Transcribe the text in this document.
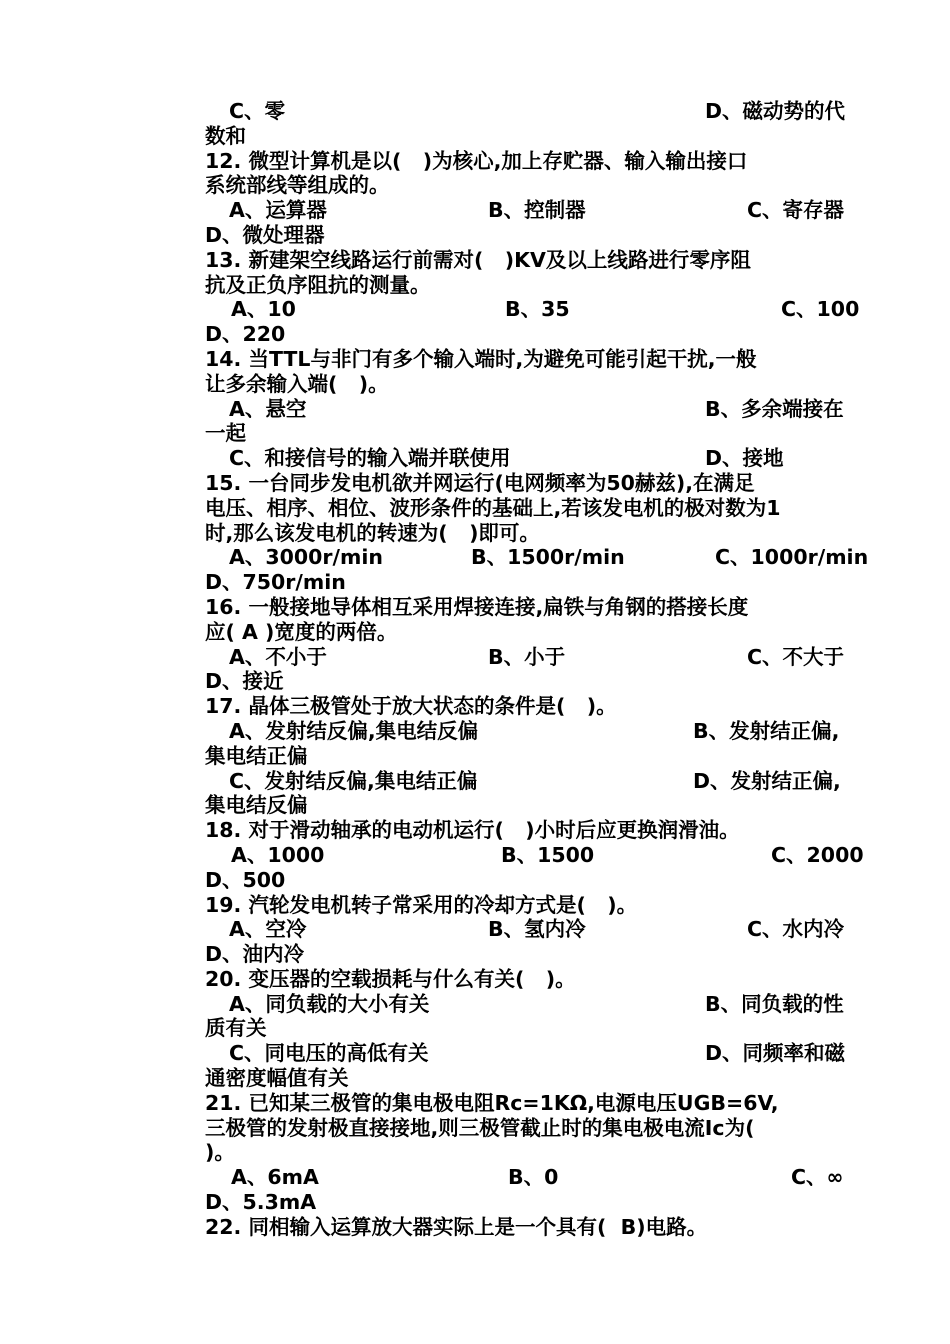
C、零

	D、磁动势的代

数和
12. 微型计算机是以(   )为核心,加上存贮器、输入输出接口
系统部线等组成的。

A、运算器

	B、控制器

	C、寄存器

D、微处理器
13. 新建架空线路运行前需对(   )KV及以上线路进行零序阻
抗及正负序阻抗的测量。

A、10

	B、35

	C、100

D、220
14. 当TTL与非门有多个输入端时,为避免可能引起干扰,一般
让多余输入端(   )。

A、悬空

	B、多余端接在

一起

C、和接信号的输入端并联使用

	D、接地

15. 一台同步发电机欲并网运行(电网频率为50赫兹),在满足
电压、相序、相位、波形条件的基础上,若该发电机的极对数为1
时,那么该发电机的转速为(   )即可。

A、3000r/min

	B、1500r/min

	C、1000r/min

D、750r/min
16. 一般接地导体相互采用焊接连接,扁铁与角钢的搭接长度
应( A )宽度的两倍。

A、不小于

	B、小于

	C、不大于

D、接近
17. 晶体三极管处于放大状态的条件是(   )。

A、发射结反偏,集电结反偏

	B、发射结正偏,

集电结正偏

C、发射结反偏,集电结正偏

	D、发射结正偏,

集电结反偏
18. 对于滑动轴承的电动机运行(   )小时后应更换润滑油。

A、1000

	B、1500

	C、2000

D、500
19. 汽轮发电机转子常采用的冷却方式是(   )。

A、空冷

	B、氢内冷

	C、水内冷

D、油内冷
20. 变压器的空载损耗与什么有关(   )。

A、同负载的大小有关

	B、同负载的性

质有关

C、同电压的高低有关

	D、同频率和磁

通密度幅值有关
21. 已知某三极管的集电极电阻Rc=1KΩ,电源电压UGB=6V,
三极管的发射极直接接地,则三极管截止时的集电极电流Ic为(
)。

A、6mA

	B、0

	C、∞

D、5.3mA
22. 同相输入运算放大器实际上是一个具有(  B)电路。
